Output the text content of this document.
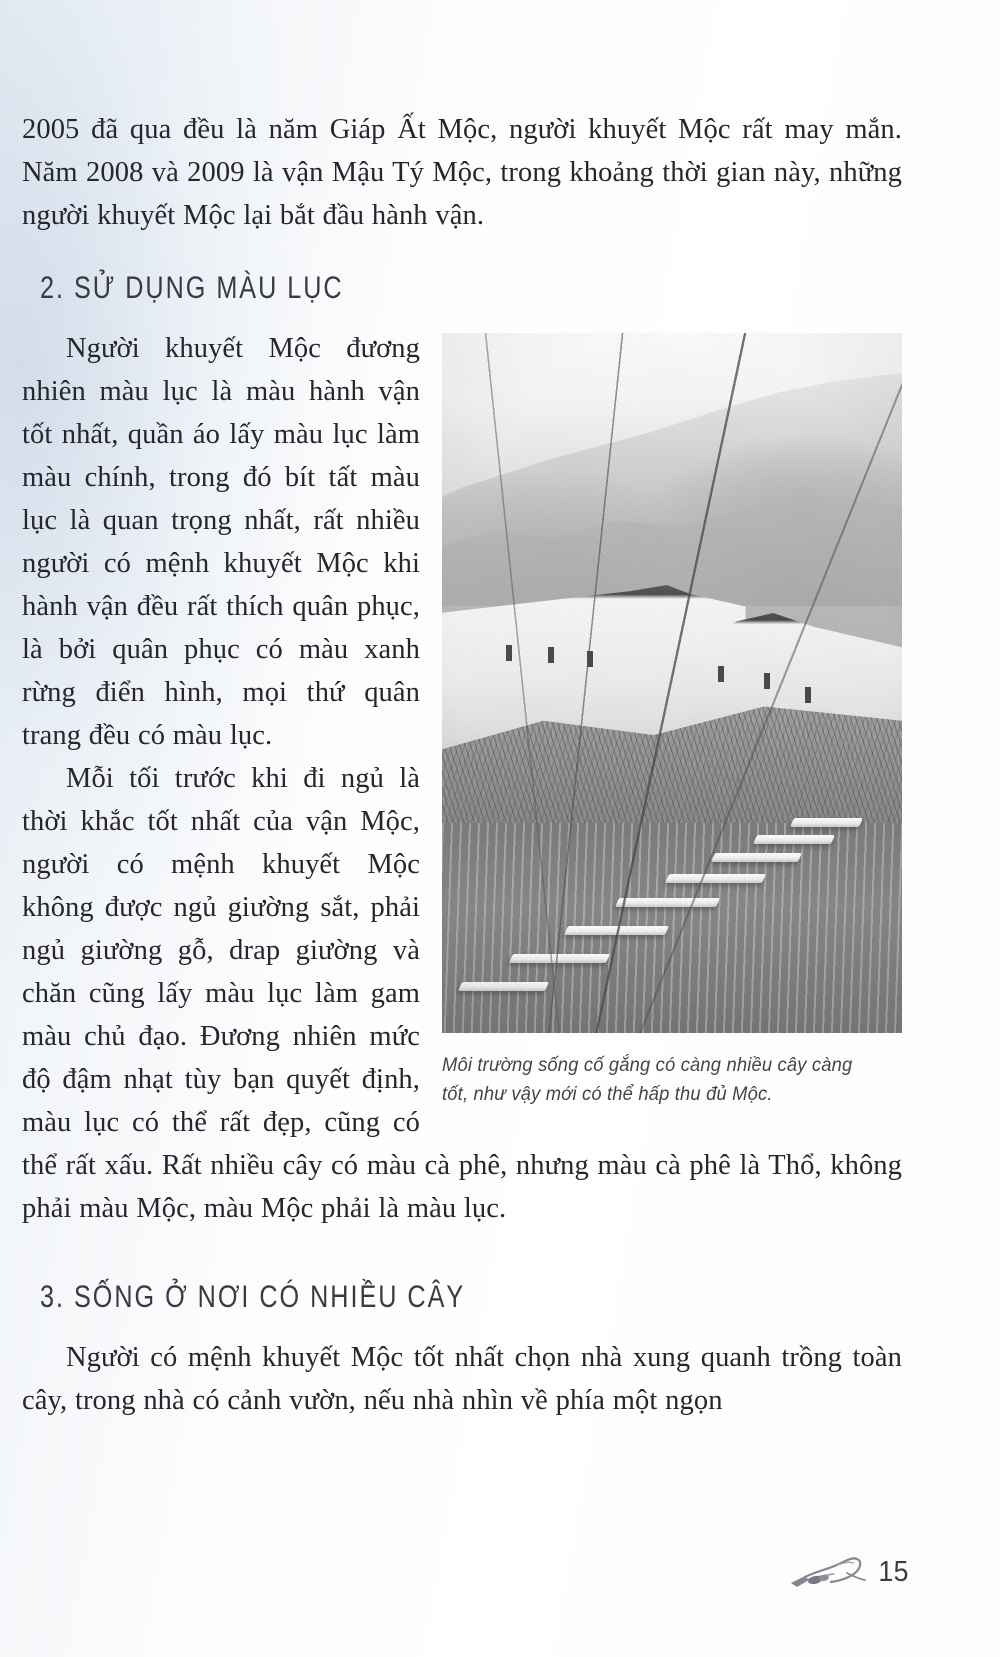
2005 đã qua đều là năm Giáp Ất Mộc, người khuyết Mộc rất may mắn. Năm 2008 và 2009 là vận Mậu Tý Mộc, trong khoảng thời gian này, những người khuyết Mộc lại bắt đầu hành vận.

2. SỬ DỤNG MÀU LỤC
Môi trường sống cố gắng có càng nhiều cây càng tốt, như vậy mới có thể hấp thu đủ Mộc.

Người khuyết Mộc đương nhiên màu lục là màu hành vận tốt nhất, quần áo lấy màu lục làm màu chính, trong đó bít tất màu lục là quan trọng nhất, rất nhiều người có mệnh khuyết Mộc khi hành vận đều rất thích quân phục, là bởi quân phục có màu xanh rừng điển hình, mọi thứ quân trang đều có màu lục.

Mỗi tối trước khi đi ngủ là thời khắc tốt nhất của vận Mộc, người có mệnh khuyết Mộc không được ngủ giường sắt, phải ngủ giường gỗ, drap giường và chăn cũng lấy màu lục làm gam màu chủ đạo. Đương nhiên mức độ đậm nhạt tùy bạn quyết định, màu lục có thể rất đẹp, cũng có thể rất xấu. Rất nhiều cây có màu cà phê, nhưng màu cà phê là Thổ, không phải màu Mộc, màu Mộc phải là màu lục.

3. SỐNG Ở NƠI CÓ NHIỀU CÂY

Người có mệnh khuyết Mộc tốt nhất chọn nhà xung quanh trồng toàn cây, trong nhà có cảnh vườn, nếu nhà nhìn về phía một ngọn

15
